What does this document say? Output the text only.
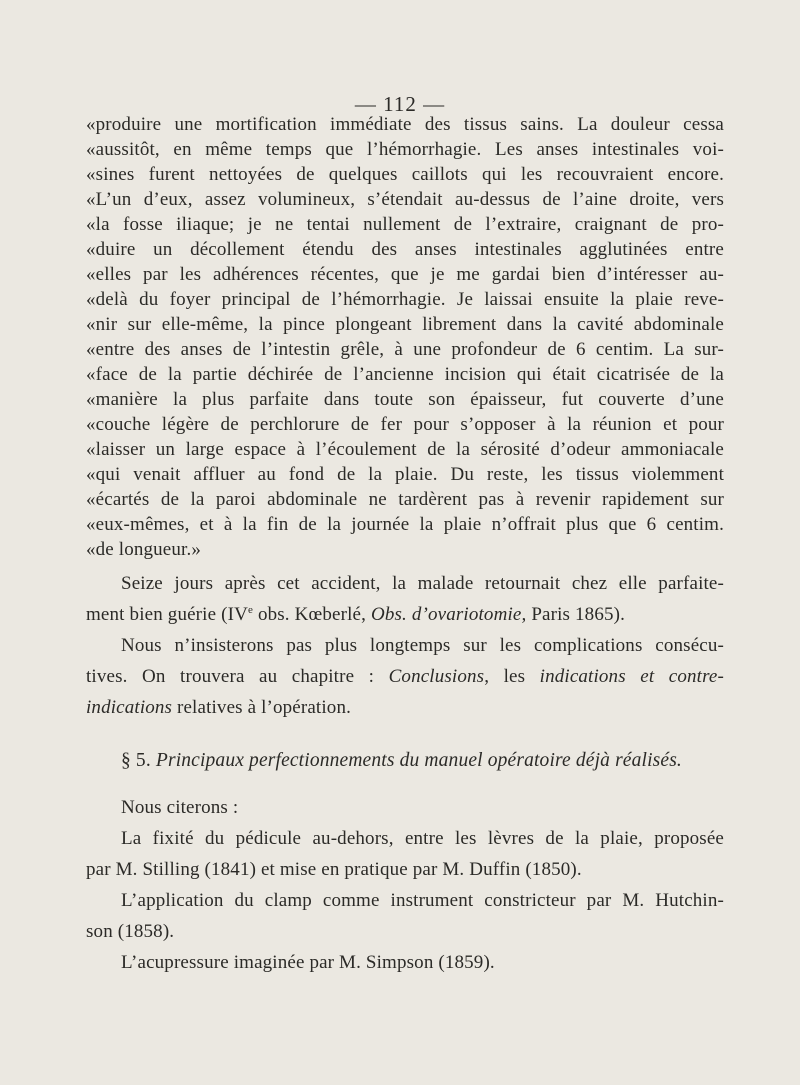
— 112 —
«produire une mortification immédiate des tissus sains. La douleur cessa
«aussitôt, en même temps que l’hémorrhagie. Les anses intestinales voi-
«sines furent nettoyées de quelques caillots qui les recouvraient encore.
«L’un d’eux, assez volumineux, s’étendait au-dessus de l’aine droite, vers
«la fosse iliaque; je ne tentai nullement de l’extraire, craignant de pro-
«duire un décollement étendu des anses intestinales agglutinées entre
«elles par les adhérences récentes, que je me gardai bien d’intéresser au-
«delà du foyer principal de l’hémorrhagie. Je laissai ensuite la plaie reve-
«nir sur elle-même, la pince plongeant librement dans la cavité abdominale
«entre des anses de l’intestin grêle, à une profondeur de 6 centim. La sur-
«face de la partie déchirée de l’ancienne incision qui était cicatrisée de la
«manière la plus parfaite dans toute son épaisseur, fut couverte d’une
«couche légère de perchlorure de fer pour s’opposer à la réunion et pour
«laisser un large espace à l’écoulement de la sérosité d’odeur ammoniacale
«qui venait affluer au fond de la plaie. Du reste, les tissus violemment
«écartés de la paroi abdominale ne tardèrent pas à revenir rapidement sur
«eux-mêmes, et à la fin de la journée la plaie n’offrait plus que 6 centim.
«de longueur.»
Seize jours après cet accident, la malade retournait chez elle parfaite-
ment bien guérie (IVe obs. Kœberlé, Obs. d’ovariotomie, Paris 1865).
Nous n’insisterons pas plus longtemps sur les complications consécu-
tives. On trouvera au chapitre : Conclusions, les indications et contre-
indications relatives à l’opération.
§ 5. Principaux perfectionnements du manuel opératoire déjà réalisés.
Nous citerons :
La fixité du pédicule au-dehors, entre les lèvres de la plaie, proposée
par M. Stilling (1841) et mise en pratique par M. Duffin (1850).
L’application du clamp comme instrument constricteur par M. Hutchin-
son (1858).
L’acupressure imaginée par M. Simpson (1859).
